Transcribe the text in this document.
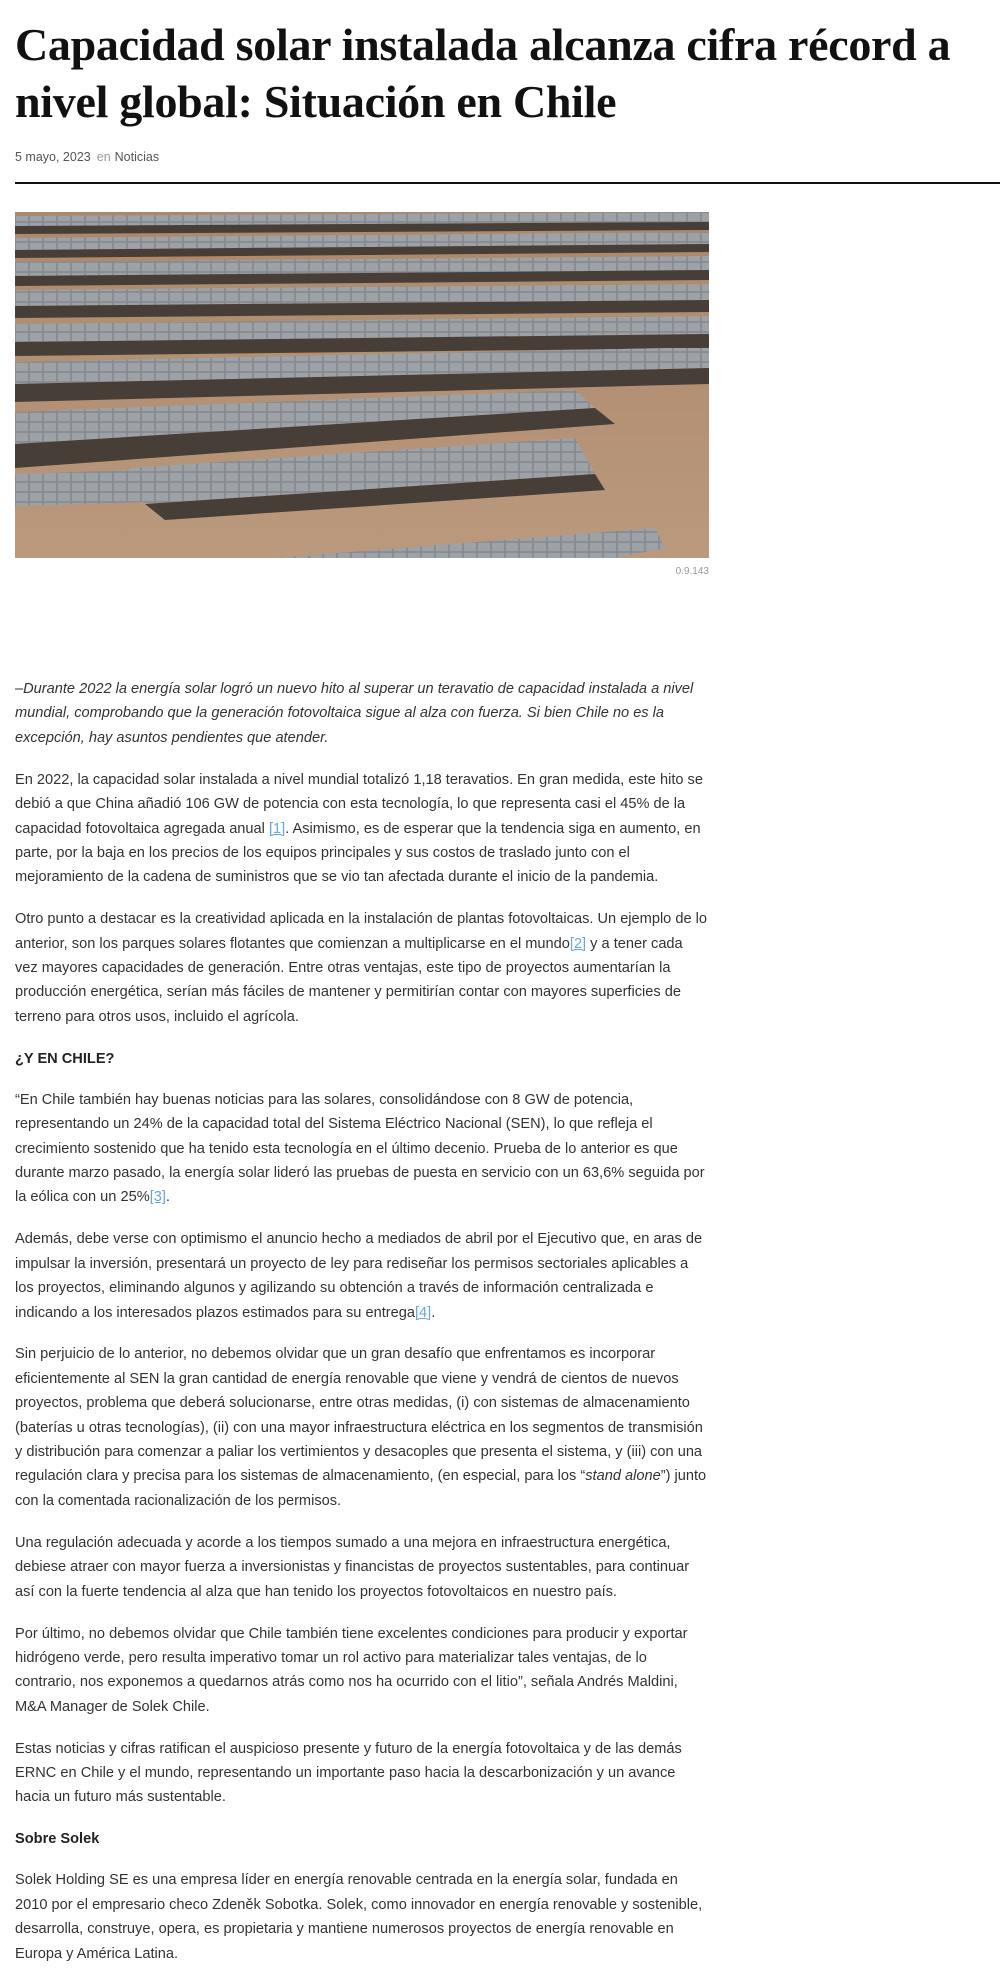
Capacidad solar instalada alcanza cifra récord a nivel global: Situación en Chile
5 mayo, 2023 en Noticias
0.9.143

–Durante 2022 la energía solar logró un nuevo hito al superar un teravatio de capacidad instalada a nivel mundial, comprobando que la generación fotovoltaica sigue al alza con fuerza. Si bien Chile no es la excepción, hay asuntos pendientes que atender.

En 2022, la capacidad solar instalada a nivel mundial totalizó 1,18 teravatios. En gran medida, este hito se debió a que China añadió 106 GW de potencia con esta tecnología, lo que representa casi el 45% de la capacidad fotovoltaica agregada anual [1]. Asimismo, es de esperar que la tendencia siga en aumento, en parte, por la baja en los precios de los equipos principales y sus costos de traslado junto con el mejoramiento de la cadena de suministros que se vio tan afectada durante el inicio de la pandemia.

Otro punto a destacar es la creatividad aplicada en la instalación de plantas fotovoltaicas. Un ejemplo de lo anterior, son los parques solares flotantes que comienzan a multiplicarse en el mundo[2] y a tener cada vez mayores capacidades de generación. Entre otras ventajas, este tipo de proyectos aumentarían la producción energética, serían más fáciles de mantener y permitirían contar con mayores superficies de terreno para otros usos, incluido el agrícola.

¿Y EN CHILE?

“En Chile también hay buenas noticias para las solares, consolidándose con 8 GW de potencia, representando un 24% de la capacidad total del Sistema Eléctrico Nacional (SEN), lo que refleja el crecimiento sostenido que ha tenido esta tecnología en el último decenio. Prueba de lo anterior es que durante marzo pasado, la energía solar lideró las pruebas de puesta en servicio con un 63,6% seguida por la eólica con un 25%[3].

Además, debe verse con optimismo el anuncio hecho a mediados de abril por el Ejecutivo que, en aras de impulsar la inversión, presentará un proyecto de ley para rediseñar los permisos sectoriales aplicables a los proyectos, eliminando algunos y agilizando su obtención a través de información centralizada e indicando a los interesados plazos estimados para su entrega[4].

Sin perjuicio de lo anterior, no debemos olvidar que un gran desafío que enfrentamos es incorporar eficientemente al SEN la gran cantidad de energía renovable que viene y vendrá de cientos de nuevos proyectos, problema que deberá solucionarse, entre otras medidas, (i) con sistemas de almacenamiento (baterías u otras tecnologías), (ii) con una mayor infraestructura eléctrica en los segmentos de transmisión y distribución para comenzar a paliar los vertimientos y desacoples que presenta el sistema, y (iii) con una regulación clara y precisa para los sistemas de almacenamiento, (en especial, para los “stand alone”) junto con la comentada racionalización de los permisos.

Una regulación adecuada y acorde a los tiempos sumado a una mejora en infraestructura energética, debiese atraer con mayor fuerza a inversionistas y financistas de proyectos sustentables, para continuar así con la fuerte tendencia al alza que han tenido los proyectos fotovoltaicos en nuestro país.

Por último, no debemos olvidar que Chile también tiene excelentes condiciones para producir y exportar hidrógeno verde, pero resulta imperativo tomar un rol activo para materializar tales ventajas, de lo contrario, nos exponemos a quedarnos atrás como nos ha ocurrido con el litio”, señala Andrés Maldini, M&A Manager de Solek Chile.

Estas noticias y cifras ratifican el auspicioso presente y futuro de la energía fotovoltaica y de las demás ERNC en Chile y el mundo, representando un importante paso hacia la descarbonización y un avance hacia un futuro más sustentable.

Sobre Solek

Solek Holding SE es una empresa líder en energía renovable centrada en la energía solar, fundada en 2010 por el empresario checo Zdeněk Sobotka. Solek, como innovador en energía renovable y sostenible, desarrolla, construye, opera, es propietaria y mantiene numerosos proyectos de energía renovable en Europa y América Latina.
